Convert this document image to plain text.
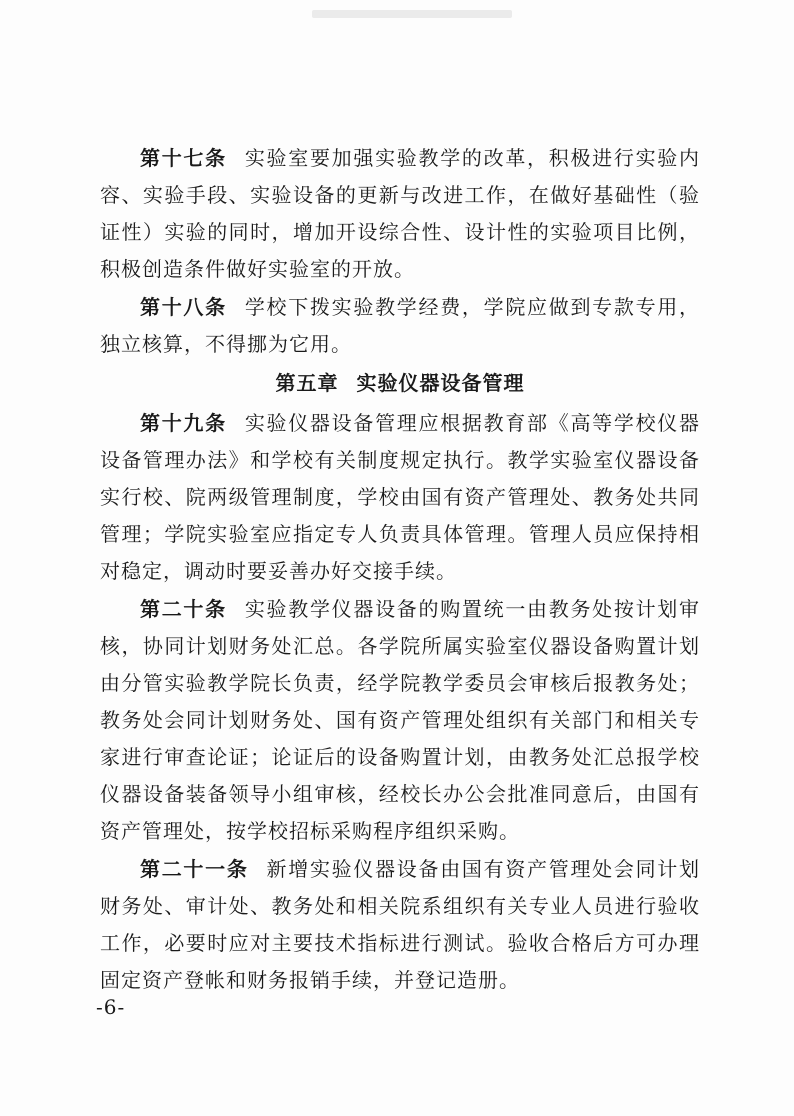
第十七条 实验室要加强实验教学的改革，积极进行实验内容、实验手段、实验设备的更新与改进工作，在做好基础性（验证性）实验的同时，增加开设综合性、设计性的实验项目比例，积极创造条件做好实验室的开放。

第十八条 学校下拨实验教学经费，学院应做到专款专用，独立核算，不得挪为它用。

第五章 实验仪器设备管理

第十九条 实验仪器设备管理应根据教育部《高等学校仪器设备管理办法》和学校有关制度规定执行。教学实验室仪器设备实行校、院两级管理制度，学校由国有资产管理处、教务处共同管理；学院实验室应指定专人负责具体管理。管理人员应保持相对稳定，调动时要妥善办好交接手续。

第二十条 实验教学仪器设备的购置统一由教务处按计划审核，协同计划财务处汇总。各学院所属实验室仪器设备购置计划由分管实验教学院长负责，经学院教学委员会审核后报教务处；教务处会同计划财务处、国有资产管理处组织有关部门和相关专家进行审查论证；论证后的设备购置计划，由教务处汇总报学校仪器设备装备领导小组审核，经校长办公会批准同意后，由国有资产管理处，按学校招标采购程序组织采购。

第二十一条 新增实验仪器设备由国有资产管理处会同计划财务处、审计处、教务处和相关院系组织有关专业人员进行验收工作，必要时应对主要技术指标进行测试。验收合格后方可办理固定资产登帐和财务报销手续，并登记造册。

-6-
